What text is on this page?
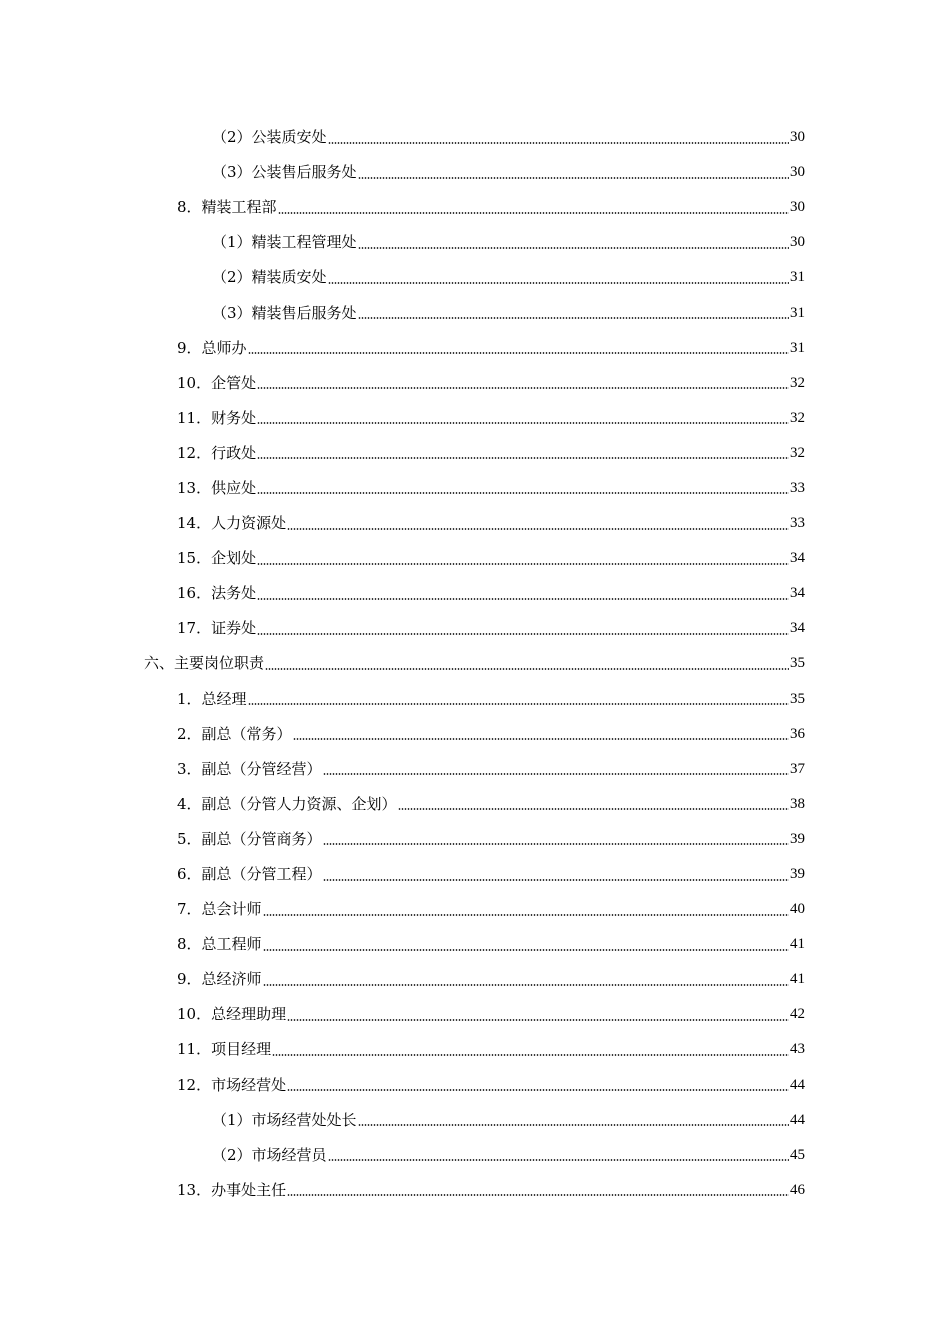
（2）公装质安处	30
（3）公装售后服务处	30
8．精装工程部	30
（1）精装工程管理处	30
（2）精装质安处	31
（3）精装售后服务处	31
9．总师办	31
10．企管处	32
11．财务处	32
12．行政处	32
13．供应处	33
14．人力资源处	33
15．企划处	34
16．法务处	34
17．证券处	34
六、主要岗位职责	35
1．总经理	35
2．副总（常务）	36
3．副总（分管经营）	37
4．副总（分管人力资源、企划）	38
5．副总（分管商务）	39
6．副总（分管工程）	39
7．总会计师	40
8．总工程师	41
9．总经济师	41
10．总经理助理	42
11．项目经理	43
12．市场经营处	44
（1）市场经营处处长	44
（2）市场经营员	45
13．办事处主任	46
